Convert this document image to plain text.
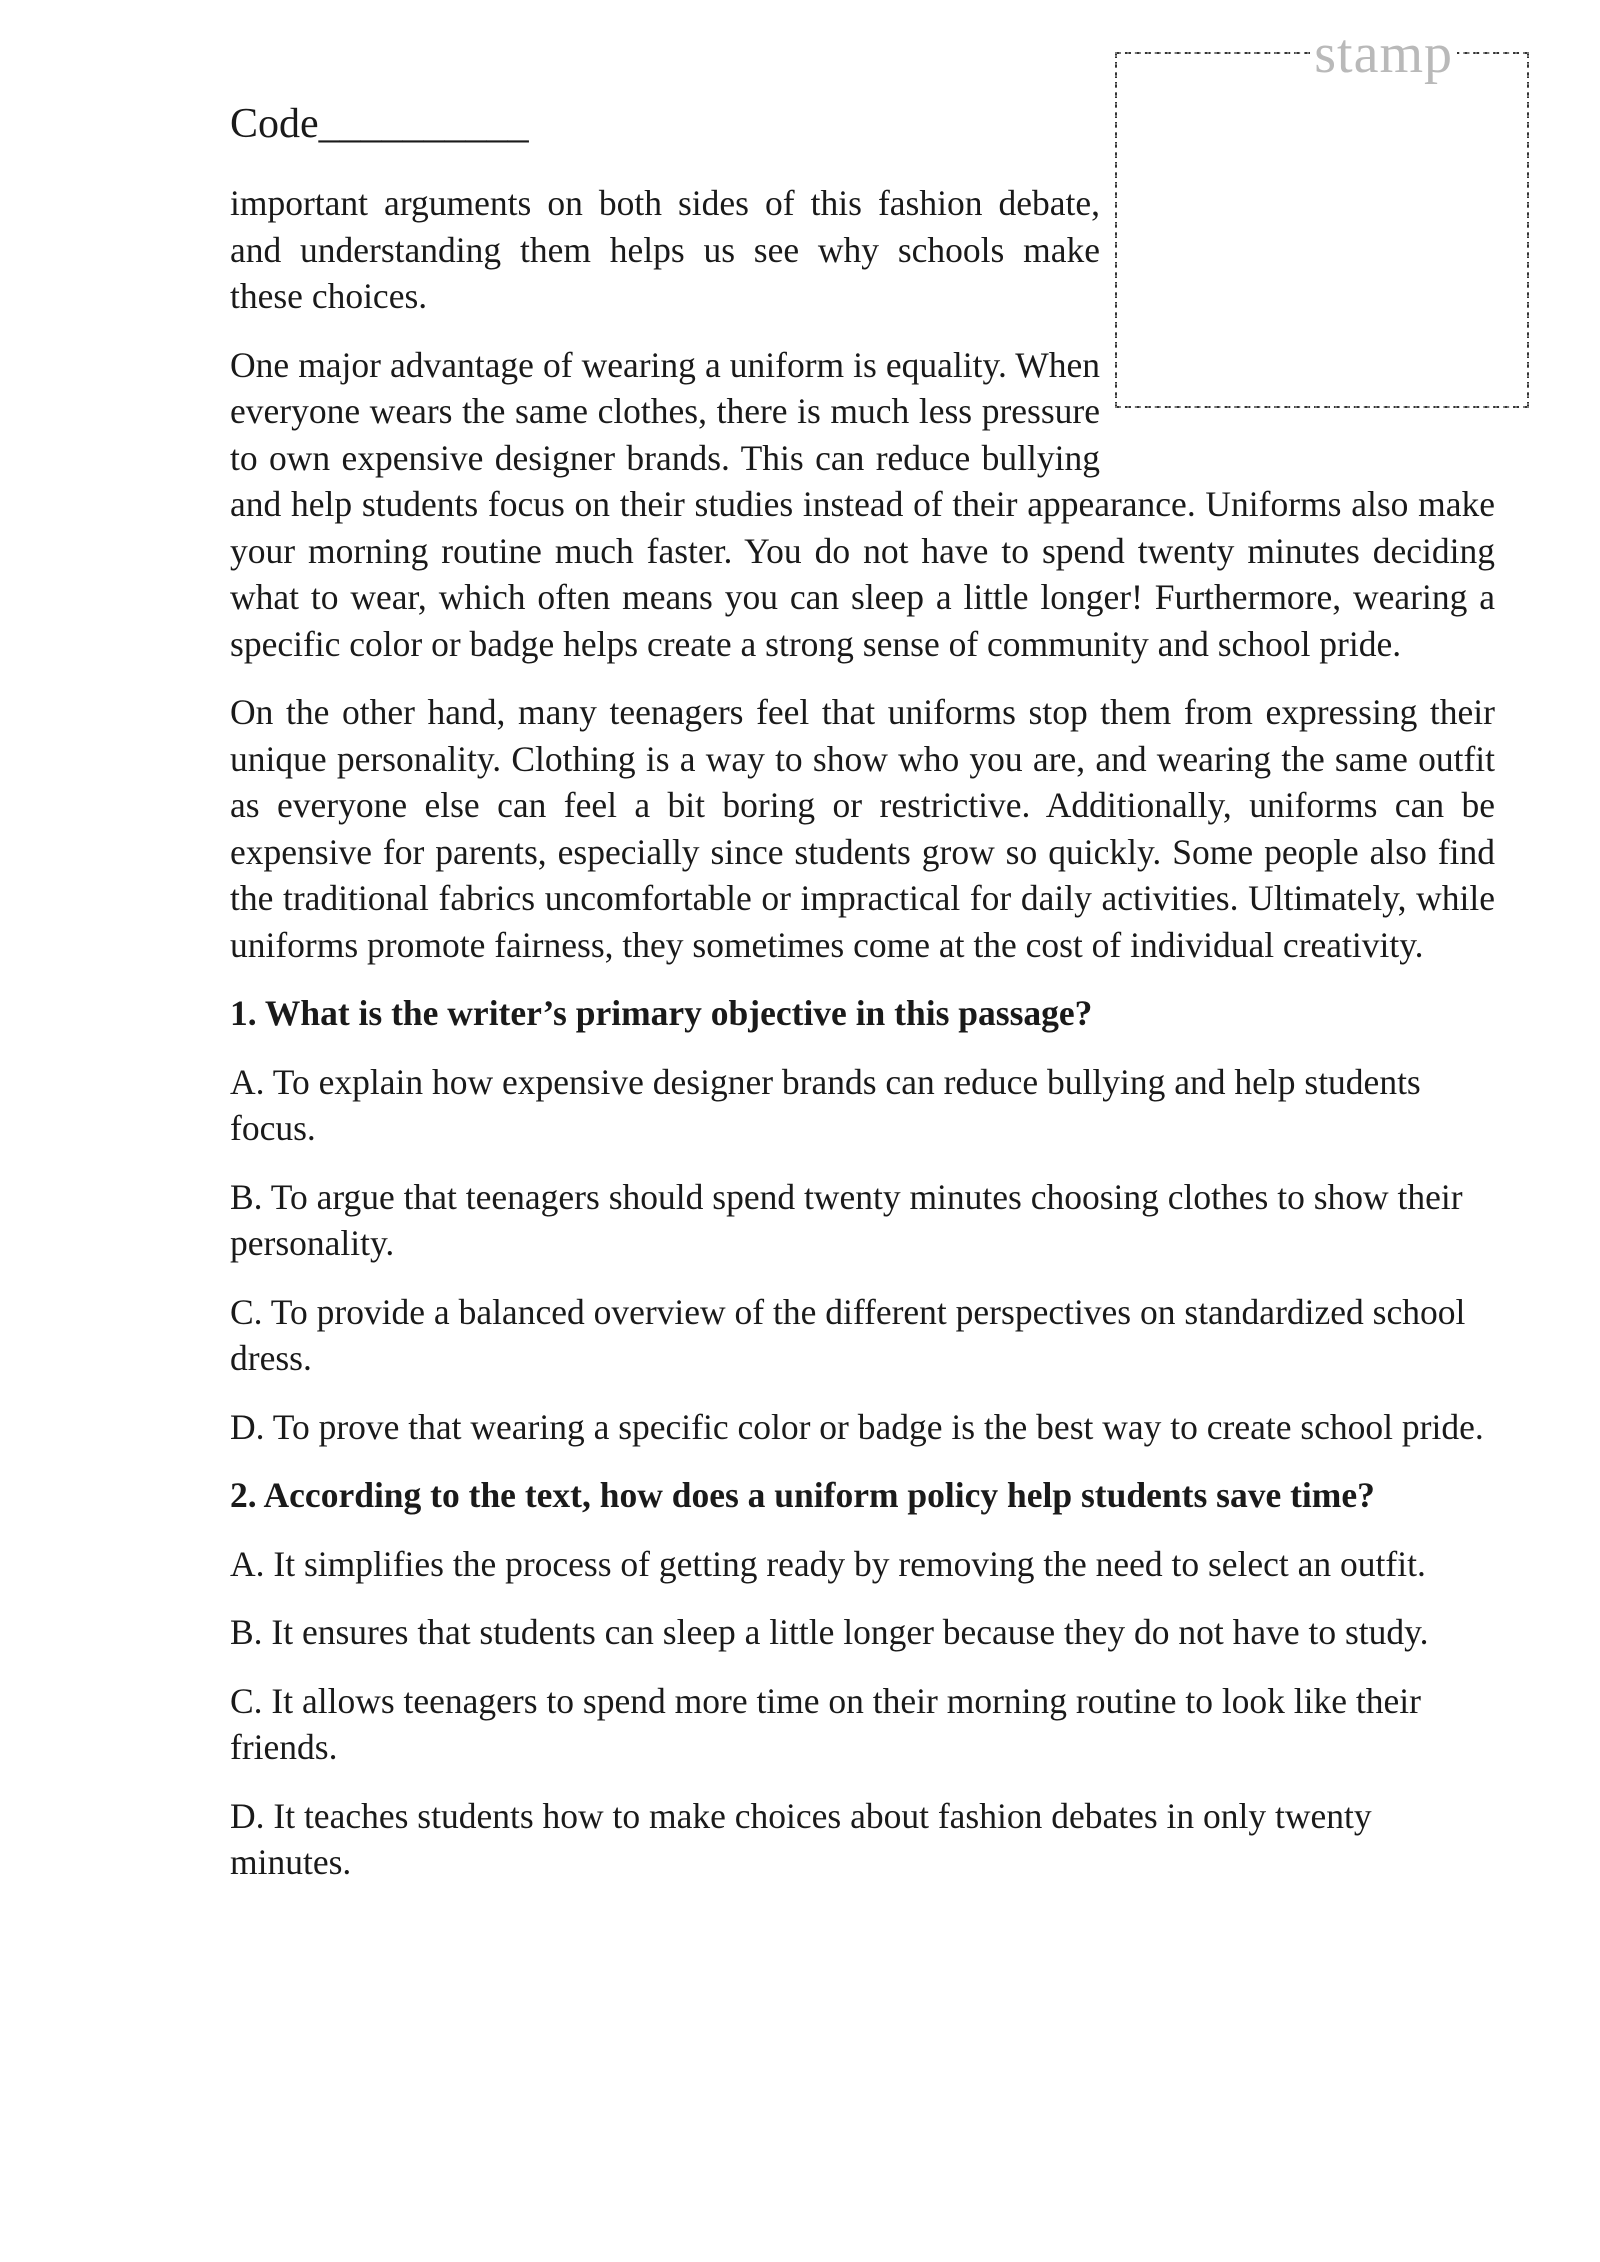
Code__________
stamp

important arguments on both sides of this fashion debate, and understanding them helps us see why schools make these choices.

One major advantage of wearing a uniform is equality. When everyone wears the same clothes, there is much less pressure to own expensive designer brands. This can reduce bullying and help students focus on their studies instead of their appearance. Uniforms also make your morning routine much faster. You do not have to spend twenty minutes deciding what to wear, which often means you can sleep a little longer! Furthermore, wearing a specific color or badge helps create a strong sense of community and school pride.

On the other hand, many teenagers feel that uniforms stop them from expressing their unique personality. Clothing is a way to show who you are, and wearing the same outfit as everyone else can feel a bit boring or restrictive. Additionally, uniforms can be expensive for parents, especially since students grow so quickly. Some people also find the traditional fabrics uncomfortable or impractical for daily activities. Ultimately, while uniforms promote fairness, they sometimes come at the cost of individual creativity.

1. What is the writer’s primary objective in this passage?

A. To explain how expensive designer brands can reduce bullying and help students focus.

B. To argue that teenagers should spend twenty minutes choosing clothes to show their personality.

C. To provide a balanced overview of the different perspectives on standardized school dress.

D. To prove that wearing a specific color or badge is the best way to create school pride.

2. According to the text, how does a uniform policy help students save time?

A. It simplifies the process of getting ready by removing the need to select an outfit.

B. It ensures that students can sleep a little longer because they do not have to study.

C. It allows teenagers to spend more time on their morning routine to look like their friends.

D. It teaches students how to make choices about fashion debates in only twenty minutes.
